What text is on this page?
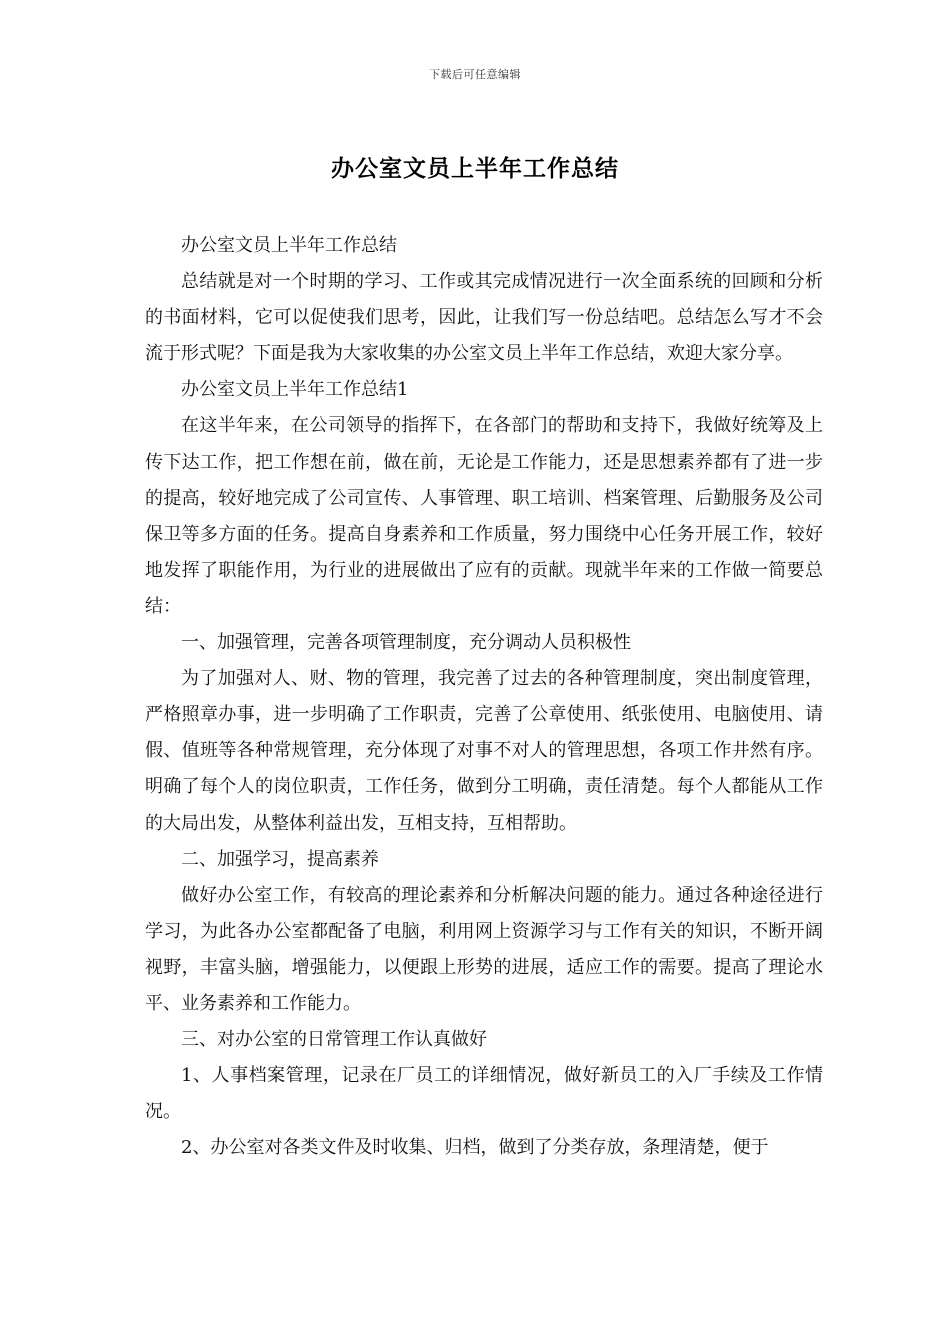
下载后可任意编辑
办公室文员上半年工作总结

办公室文员上半年工作总结

总结就是对一个时期的学习、工作或其完成情况进行一次全面系统的回顾和分析的书面材料，它可以促使我们思考，因此，让我们写一份总结吧。总结怎么写才不会流于形式呢？下面是我为大家收集的办公室文员上半年工作总结，欢迎大家分享。

办公室文员上半年工作总结1

在这半年来，在公司领导的指挥下，在各部门的帮助和支持下，我做好统筹及上传下达工作，把工作想在前，做在前，无论是工作能力，还是思想素养都有了进一步的提高，较好地完成了公司宣传、人事管理、职工培训、档案管理、后勤服务及公司保卫等多方面的任务。提高自身素养和工作质量，努力围绕中心任务开展工作，较好地发挥了职能作用，为行业的进展做出了应有的贡献。现就半年来的工作做一简要总结：

一、加强管理，完善各项管理制度，充分调动人员积极性

为了加强对人、财、物的管理，我完善了过去的各种管理制度，突出制度管理，严格照章办事，进一步明确了工作职责，完善了公章使用、纸张使用、电脑使用、请假、值班等各种常规管理，充分体现了对事不对人的管理思想，各项工作井然有序。明确了每个人的岗位职责，工作任务，做到分工明确，责任清楚。每个人都能从工作的大局出发，从整体利益出发，互相支持，互相帮助。

二、加强学习，提高素养

做好办公室工作，有较高的理论素养和分析解决问题的能力。通过各种途径进行学习，为此各办公室都配备了电脑，利用网上资源学习与工作有关的知识，不断开阔视野，丰富头脑，增强能力，以便跟上形势的进展，适应工作的需要。提高了理论水平、业务素养和工作能力。

三、对办公室的日常管理工作认真做好

1、人事档案管理，记录在厂员工的详细情况，做好新员工的入厂手续及工作情况。

2、办公室对各类文件及时收集、归档，做到了分类存放，条理清楚，便于
